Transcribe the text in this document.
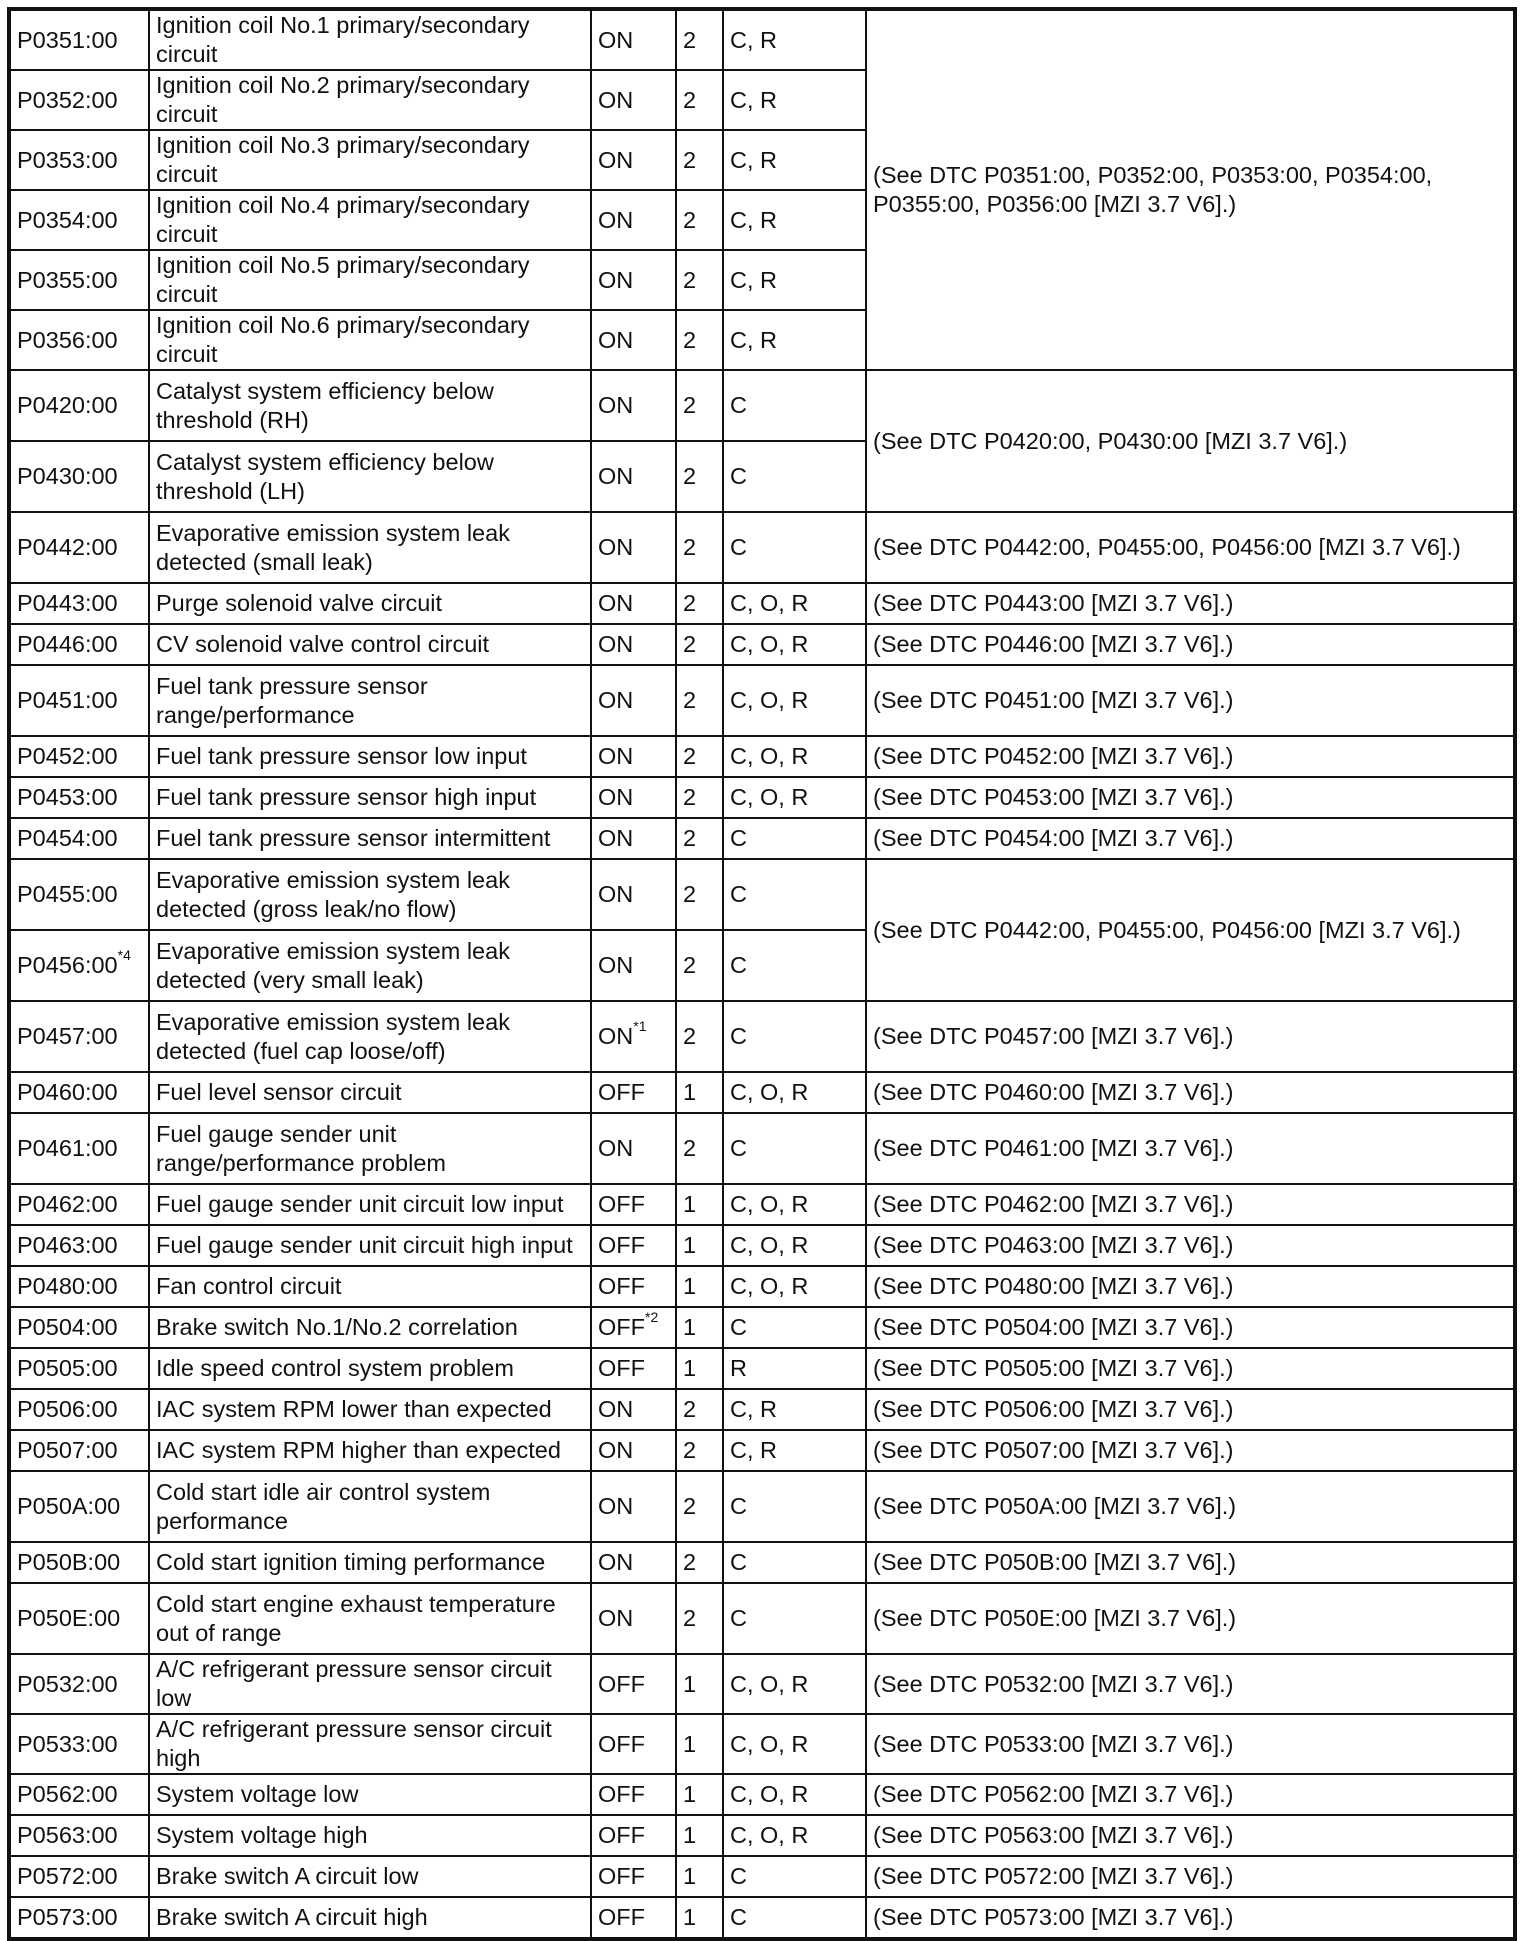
P0351:00	Ignition coil No.1 primary/secondary circuit	ON	2	C, R	(See DTC P0351:00, P0352:00, P0353:00, P0354:00, P0355:00, P0356:00 [MZI 3.7 V6].)
P0352:00	Ignition coil No.2 primary/secondary circuit	ON	2	C, R	
P0353:00	Ignition coil No.3 primary/secondary circuit	ON	2	C, R	
P0354:00	Ignition coil No.4 primary/secondary circuit	ON	2	C, R	
P0355:00	Ignition coil No.5 primary/secondary circuit	ON	2	C, R	
P0356:00	Ignition coil No.6 primary/secondary circuit	ON	2	C, R	
P0420:00	Catalyst system efficiency below threshold (RH)	ON	2	C	(See DTC P0420:00, P0430:00 [MZI 3.7 V6].)
P0430:00	Catalyst system efficiency below threshold (LH)	ON	2	C	
P0442:00	Evaporative emission system leak detected (small leak)	ON	2	C	(See DTC P0442:00, P0455:00, P0456:00 [MZI 3.7 V6].)
P0443:00	Purge solenoid valve circuit	ON	2	C, O, R	(See DTC P0443:00 [MZI 3.7 V6].)
P0446:00	CV solenoid valve control circuit	ON	2	C, O, R	(See DTC P0446:00 [MZI 3.7 V6].)
P0451:00	Fuel tank pressure sensor range/performance	ON	2	C, O, R	(See DTC P0451:00 [MZI 3.7 V6].)
P0452:00	Fuel tank pressure sensor low input	ON	2	C, O, R	(See DTC P0452:00 [MZI 3.7 V6].)
P0453:00	Fuel tank pressure sensor high input	ON	2	C, O, R	(See DTC P0453:00 [MZI 3.7 V6].)
P0454:00	Fuel tank pressure sensor intermittent	ON	2	C	(See DTC P0454:00 [MZI 3.7 V6].)
P0455:00	Evaporative emission system leak detected (gross leak/no flow)	ON	2	C	(See DTC P0442:00, P0455:00, P0456:00 [MZI 3.7 V6].)
P0456:00$^{*4}$	Evaporative emission system leak detected (very small leak)	ON	2	C	
P0457:00	Evaporative emission system leak detected (fuel cap loose/off)	ON$^{*1}$	2	C	(See DTC P0457:00 [MZI 3.7 V6].)
P0460:00	Fuel level sensor circuit	OFF	1	C, O, R	(See DTC P0460:00 [MZI 3.7 V6].)
P0461:00	Fuel gauge sender unit range/performance problem	ON	2	C	(See DTC P0461:00 [MZI 3.7 V6].)
P0462:00	Fuel gauge sender unit circuit low input	OFF	1	C, O, R	(See DTC P0462:00 [MZI 3.7 V6].)
P0463:00	Fuel gauge sender unit circuit high input	OFF	1	C, O, R	(See DTC P0463:00 [MZI 3.7 V6].)
P0480:00	Fan control circuit	OFF	1	C, O, R	(See DTC P0480:00 [MZI 3.7 V6].)
P0504:00	Brake switch No.1/No.2 correlation	OFF$^{*2}$	1	C	(See DTC P0504:00 [MZI 3.7 V6].)
P0505:00	Idle speed control system problem	OFF	1	R	(See DTC P0505:00 [MZI 3.7 V6].)
P0506:00	IAC system RPM lower than expected	ON	2	C, R	(See DTC P0506:00 [MZI 3.7 V6].)
P0507:00	IAC system RPM higher than expected	ON	2	C, R	(See DTC P0507:00 [MZI 3.7 V6].)
P050A:00	Cold start idle air control system performance	ON	2	C	(See DTC P050A:00 [MZI 3.7 V6].)
P050B:00	Cold start ignition timing performance	ON	2	C	(See DTC P050B:00 [MZI 3.7 V6].)
P050E:00	Cold start engine exhaust temperature out of range	ON	2	C	(See DTC P050E:00 [MZI 3.7 V6].)
P0532:00	A/C refrigerant pressure sensor circuit low	OFF	1	C, O, R	(See DTC P0532:00 [MZI 3.7 V6].)
P0533:00	A/C refrigerant pressure sensor circuit high	OFF	1	C, O, R	(See DTC P0533:00 [MZI 3.7 V6].)
P0562:00	System voltage low	OFF	1	C, O, R	(See DTC P0562:00 [MZI 3.7 V6].)
P0563:00	System voltage high	OFF	1	C, O, R	(See DTC P0563:00 [MZI 3.7 V6].)
P0572:00	Brake switch A circuit low	OFF	1	C	(See DTC P0572:00 [MZI 3.7 V6].)
P0573:00	Brake switch A circuit high	OFF	1	C	(See DTC P0573:00 [MZI 3.7 V6].)
